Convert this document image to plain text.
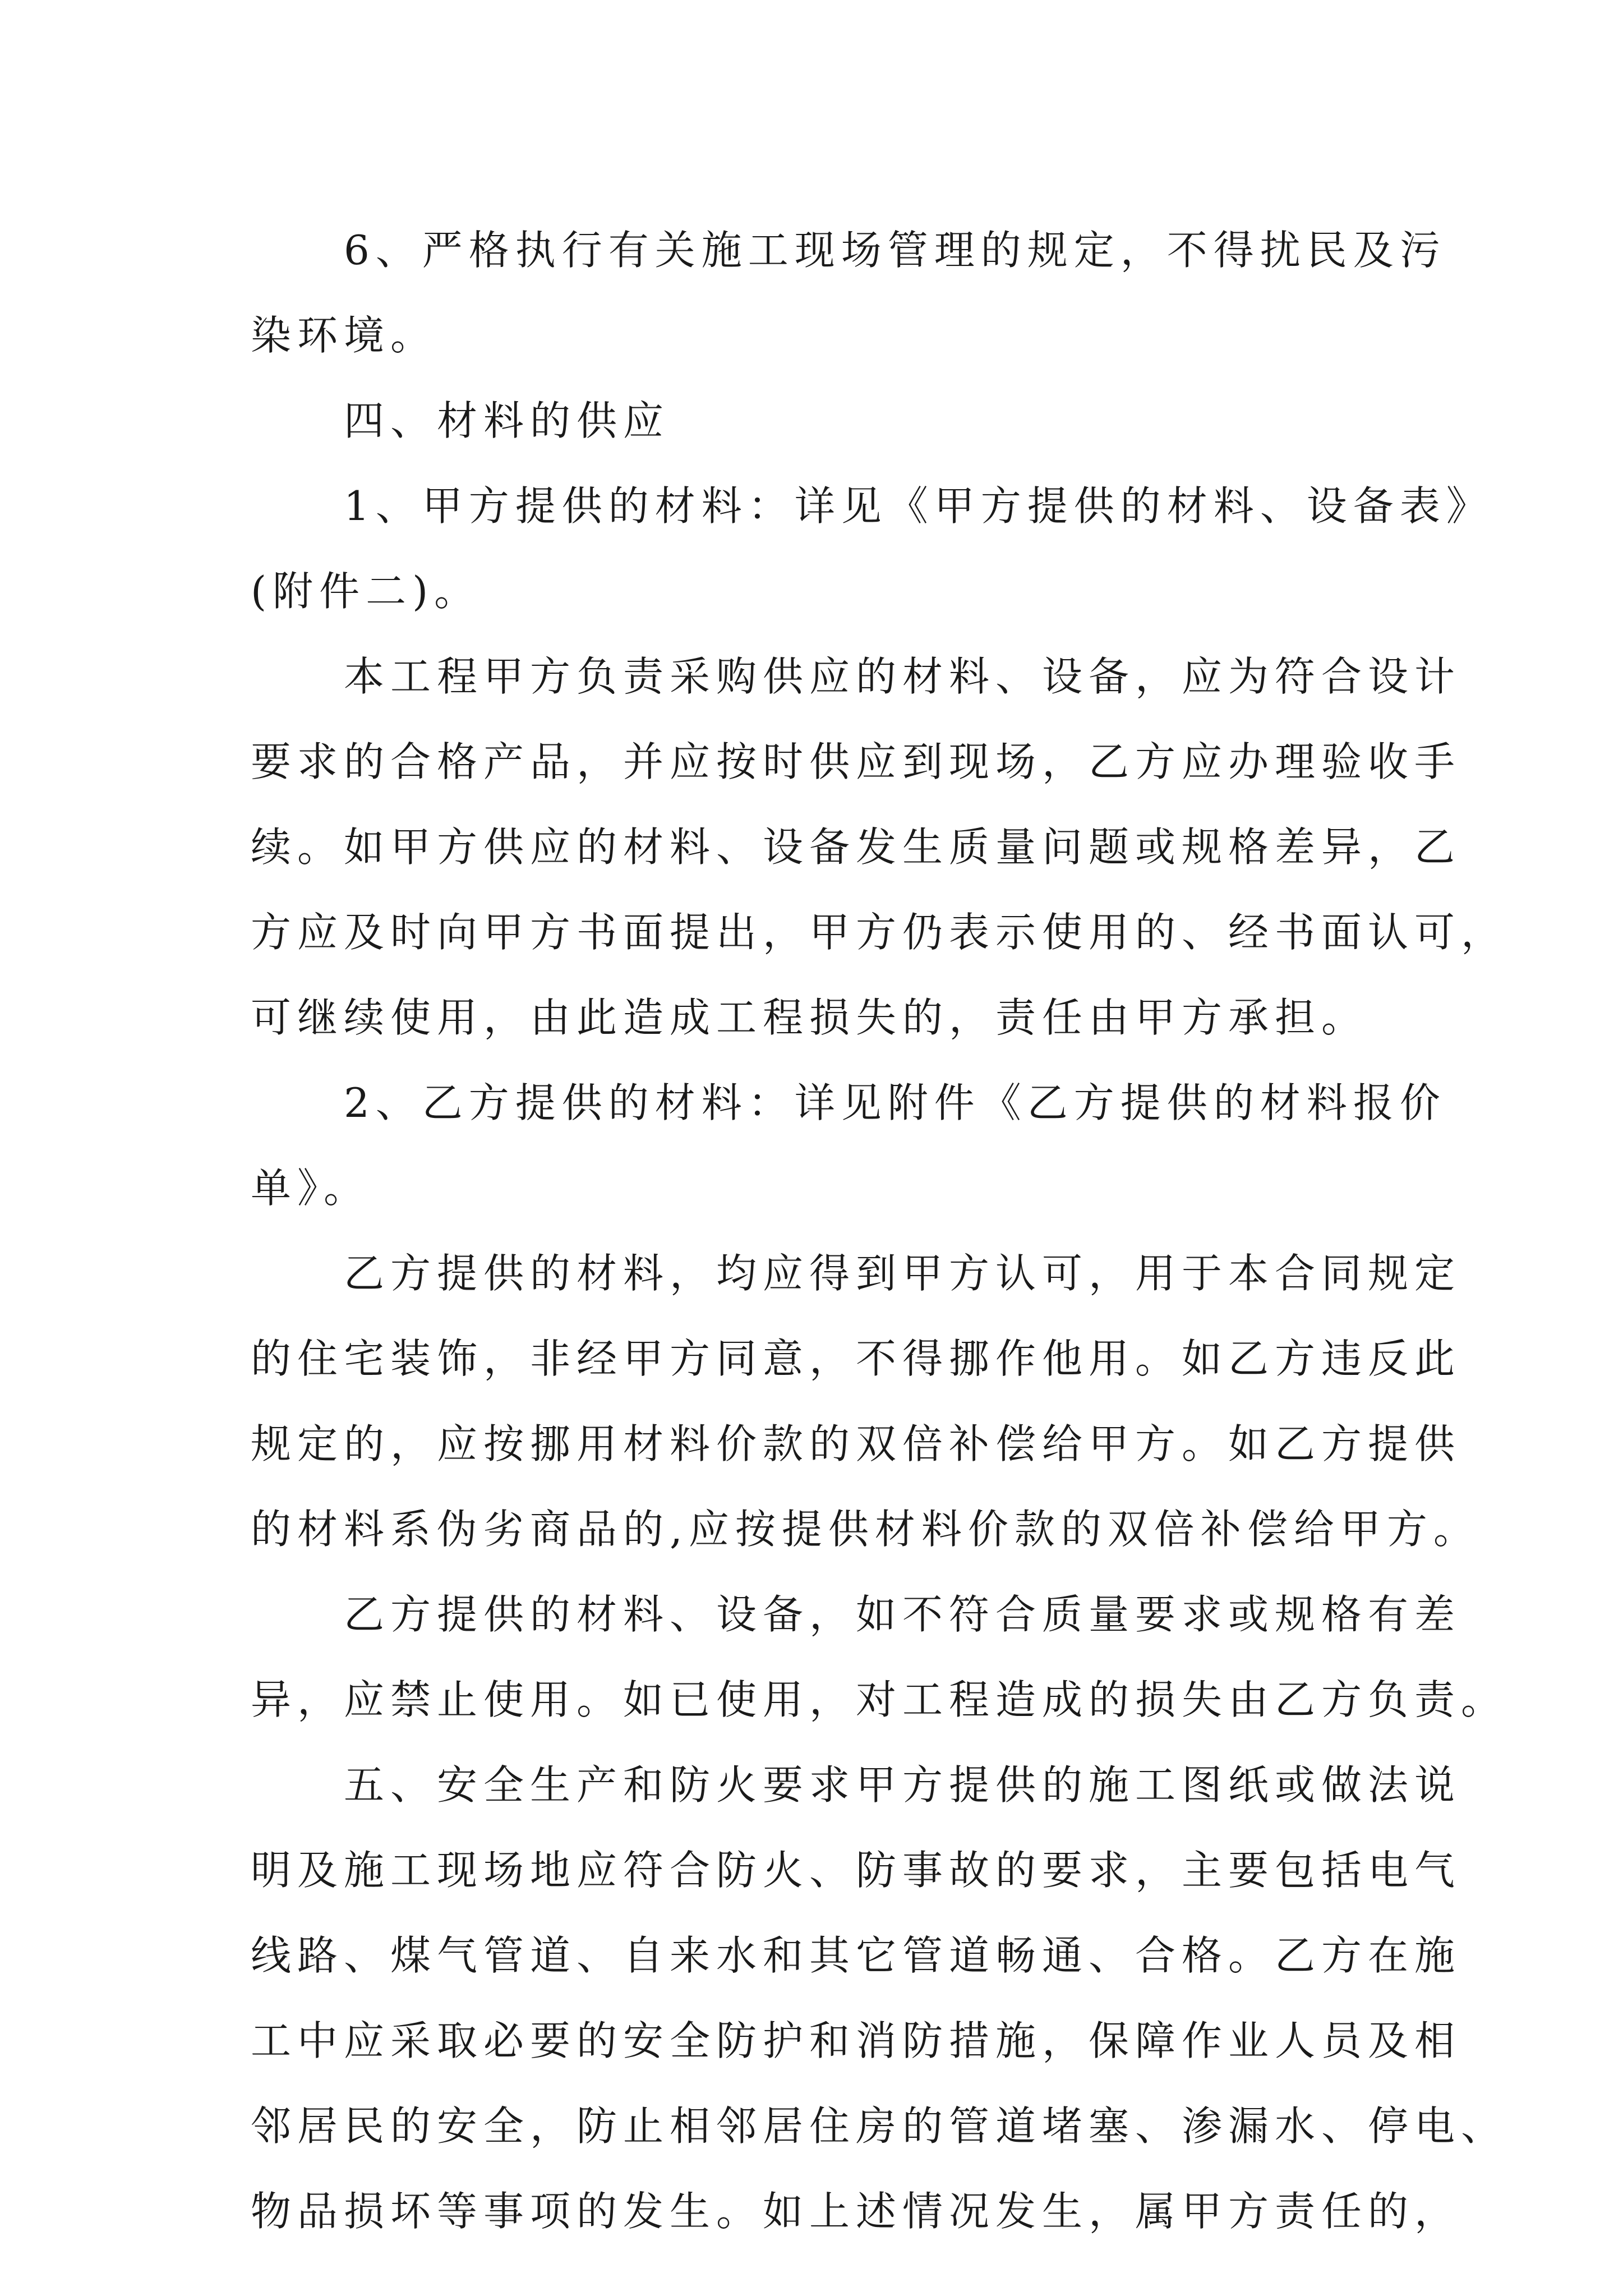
6、严格执行有关施工现场管理的规定，不得扰民及污
染环境。
四、材料的供应
1、甲方提供的材料：详见《甲方提供的材料、设备表》
(附件二)。
本工程甲方负责采购供应的材料、设备，应为符合设计
要求的合格产品，并应按时供应到现场，乙方应办理验收手
续。如甲方供应的材料、设备发生质量问题或规格差异，乙
方应及时向甲方书面提出，甲方仍表示使用的、经书面认可，
可继续使用，由此造成工程损失的，责任由甲方承担。
2、乙方提供的材料：详见附件《乙方提供的材料报价
单》。
乙方提供的材料，均应得到甲方认可，用于本合同规定
的住宅装饰，非经甲方同意，不得挪作他用。如乙方违反此
规定的，应按挪用材料价款的双倍补偿给甲方。如乙方提供
的材料系伪劣商品的,应按提供材料价款的双倍补偿给甲方。
乙方提供的材料、设备，如不符合质量要求或规格有差
异，应禁止使用。如已使用，对工程造成的损失由乙方负责。
五、安全生产和防火要求甲方提供的施工图纸或做法说
明及施工现场地应符合防火、防事故的要求，主要包括电气
线路、煤气管道、自来水和其它管道畅通、合格。乙方在施
工中应采取必要的安全防护和消防措施，保障作业人员及相
邻居民的安全，防止相邻居住房的管道堵塞、渗漏水、停电、
物品损坏等事项的发生。如上述情况发生，属甲方责任的，
